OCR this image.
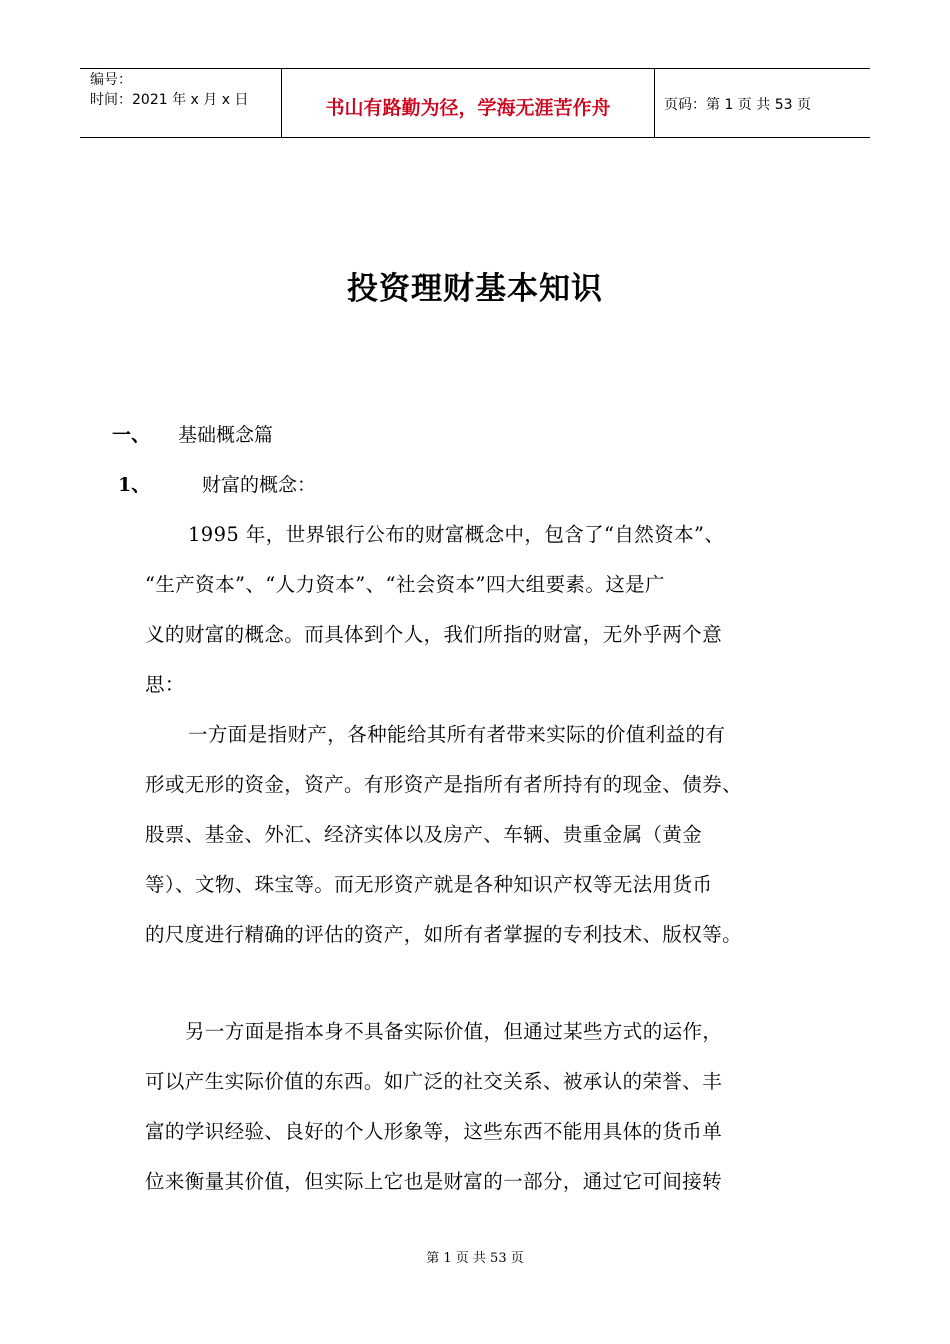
编号：
时间：2021 年 x 月 x 日	书山有路勤为径，学海无涯苦作舟	页码：第 1 页 共 53 页
投资理财基本知识
一、 基础概念篇
1、	财富的概念：
1995 年，世界银行公布的财富概念中，包含了“自然资本”、
“生产资本”、“人力资本”、“社会资本”四大组要素。这是广
义的财富的概念。而具体到个人，我们所指的财富，无外乎两个意
思：
一方面是指财产，各种能给其所有者带来实际的价值利益的有
形或无形的资金，资产。有形资产是指所有者所持有的现金、债券、
股票、基金、外汇、经济实体以及房产、车辆、贵重金属（黄金
等）、文物、珠宝等。而无形资产就是各种知识产权等无法用货币
的尺度进行精确的评估的资产，如所有者掌握的专利技术、版权等。
另一方面是指本身不具备实际价值，但通过某些方式的运作，
可以产生实际价值的东西。如广泛的社交关系、被承认的荣誉、丰
富的学识经验、良好的个人形象等，这些东西不能用具体的货币单
位来衡量其价值，但实际上它也是财富的一部分，通过它可间接转
第 1 页 共 53 页
